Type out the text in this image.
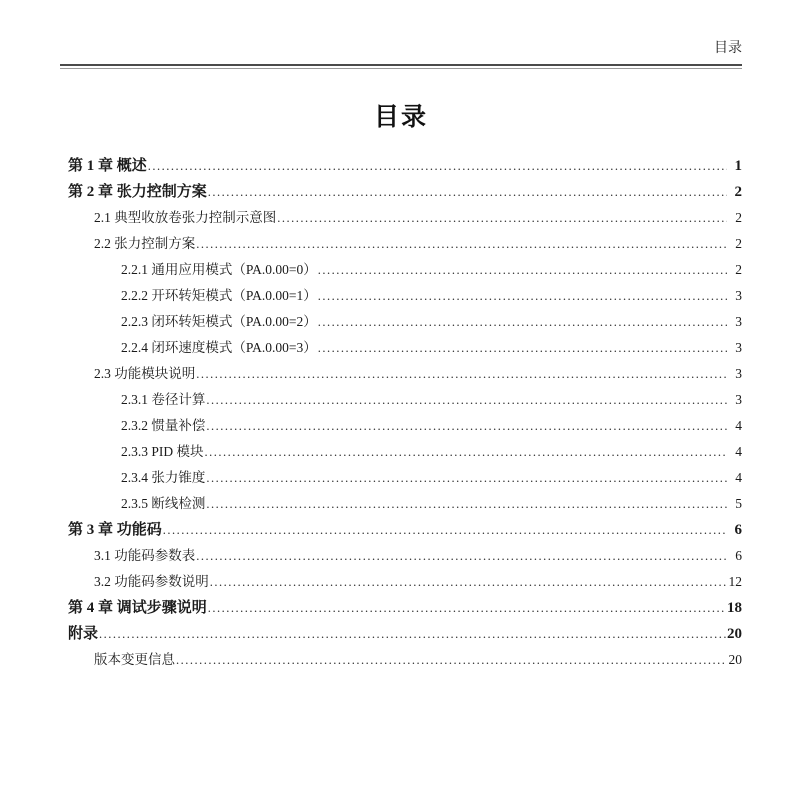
目录
目录
第 1 章 概述 .....	1
第 2 章 张力控制方案 .....	2
2.1 典型收放卷张力控制示意图 .....	2
2.2 张力控制方案 .....	2
2.2.1 通用应用模式（PA.0.00=0） .....	2
2.2.2 开环转矩模式（PA.0.00=1） .....	3
2.2.3 闭环转矩模式（PA.0.00=2） .....	3
2.2.4 闭环速度模式（PA.0.00=3） .....	3
2.3 功能模块说明 .....	3
2.3.1 卷径计算 .....	3
2.3.2 惯量补偿 .....	4
2.3.3 PID 模块 .....	4
2.3.4 张力锥度 .....	4
2.3.5 断线检测 .....	5
第 3 章 功能码 .....	6
3.1 功能码参数表 .....	6
3.2 功能码参数说明 .....	12
第 4 章 调试步骤说明 .....	18
附录 .....	20
版本变更信息 .....	20
